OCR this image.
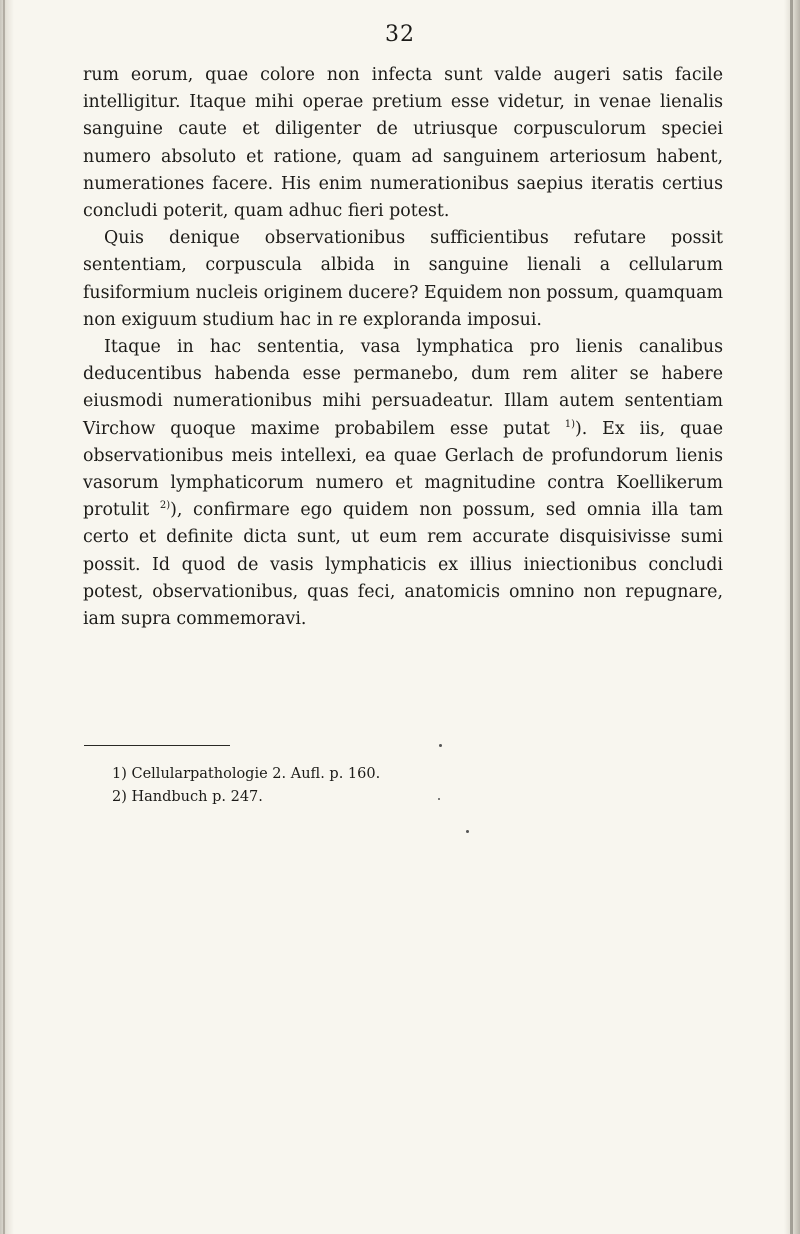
32

rum eorum, quae colore non infecta sunt valde augeri satis facile intelligitur. Itaque mihi operae pretium esse videtur, in venae lienalis sanguine caute et diligenter de utriusque corpusculorum speciei numero absoluto et ratione, quam ad sanguinem arteriosum habent, numerationes facere. His enim numerationibus saepius iteratis certius concludi poterit, quam adhuc fieri potest.

Quis denique observationibus sufficientibus refutare possit sententiam, corpuscula albida in sanguine lienali a cellularum fusiformium nucleis originem ducere? Equidem non possum, quamquam non exiguum studium hac in re exploranda imposui.

Itaque in hac sententia, vasa lymphatica pro lienis canalibus deducentibus habenda esse permanebo, dum rem aliter se habere eiusmodi numerationibus mihi persuadeatur. Illam autem sententiam Virchow quoque maxime probabilem esse putat $^{1)}$). Ex iis, quae observationibus meis intellexi, ea quae Gerlach de profundorum lienis vasorum lymphaticorum numero et magnitudine contra Koellikerum protulit $^{2)}$), confirmare ego quidem non possum, sed omnia illa tam certo et definite dicta sunt, ut eum rem accurate disquisivisse sumi possit. Id quod de vasis lymphaticis ex illius iniectionibus concludi potest, observationibus, quas feci, anatomicis omnino non repugnare, iam supra commemoravi.

1) Cellularpathologie 2. Aufl. p. 160.
2) Handbuch p. 247.
